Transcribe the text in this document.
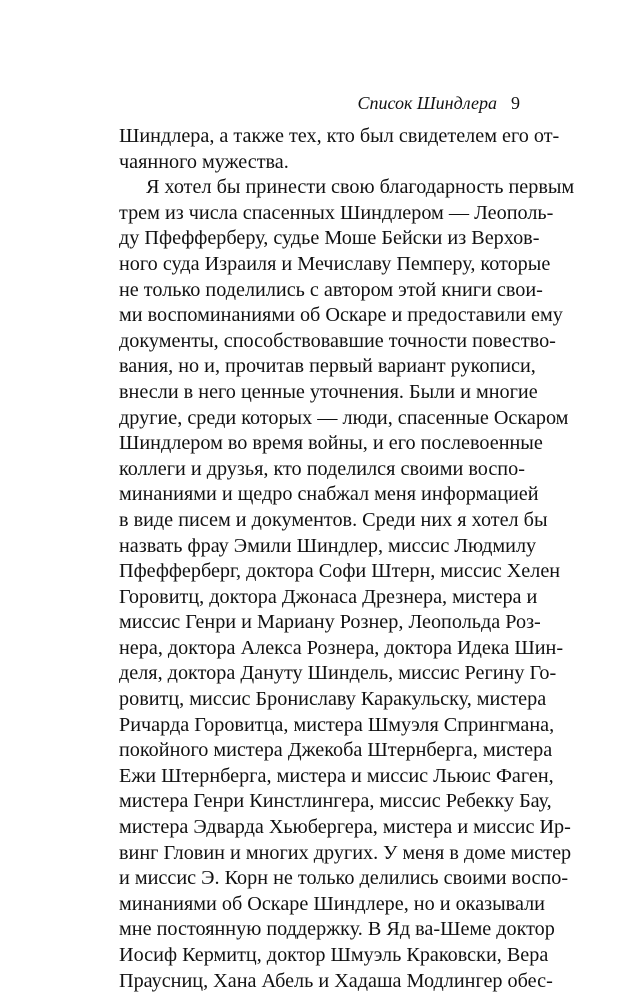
Список Шиндлера 9
Шиндлера, а также тех, кто был свидетелем его от-
чаянного мужества.
Я хотел бы принести свою благодарность первым
трем из числа спасенных Шиндлером — Леополь-
ду Пфефферберу, судье Моше Бейски из Верхов-
ного суда Израиля и Мечиславу Пемперу, которые
не только поделились с автором этой книги свои-
ми воспоминаниями об Оскаре и предоставили ему
документы, способствовавшие точности повество-
вания, но и, прочитав первый вариант рукописи,
внесли в него ценные уточнения. Были и многие
другие, среди которых — люди, спасенные Оскаром
Шиндлером во время войны, и его послевоенные
коллеги и друзья, кто поделился своими воспо-
минаниями и щедро снабжал меня информацией
в виде писем и документов. Среди них я хотел бы
назвать фрау Эмили Шиндлер, миссис Людмилу
Пфефферберг, доктора Софи Штерн, миссис Хелен
Горовитц, доктора Джонаса Дрезнера, мистера и
миссис Генри и Мариану Рознер, Леопольда Роз-
нера, доктора Алекса Рознера, доктора Идека Шин-
деля, доктора Дануту Шиндель, миссис Регину Го-
ровитц, миссис Брониславу Каракульску, мистера
Ричарда Горовитца, мистера Шмуэля Спрингмана,
покойного мистера Джекоба Штернберга, мистера
Ежи Штернберга, мистера и миссис Льюис Фаген,
мистера Генри Кинстлингера, миссис Ребекку Бау,
мистера Эдварда Хьюбергера, мистера и миссис Ир-
винг Гловин и многих других. У меня в доме мистер
и миссис Э. Корн не только делились своими воспо-
минаниями об Оскаре Шиндлере, но и оказывали
мне постоянную поддержку. В Яд ва-Шеме доктор
Иосиф Кермитц, доктор Шмуэль Краковски, Вера
Праусниц, Хана Абель и Хадаша Модлингер обес-
